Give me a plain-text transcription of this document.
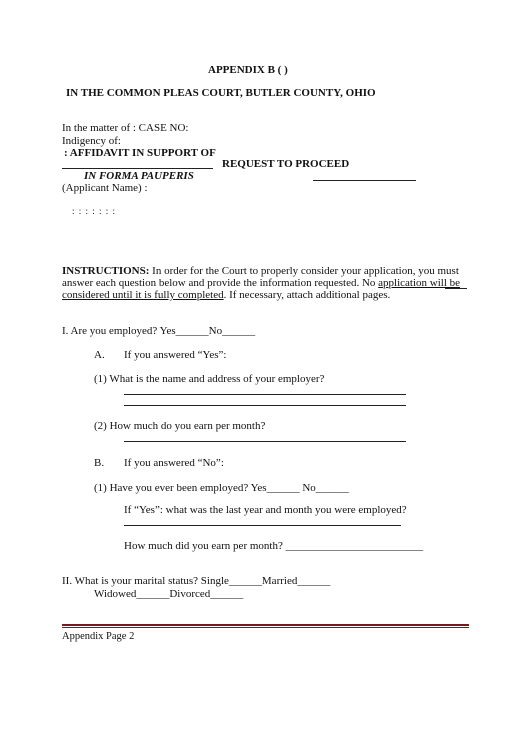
APPENDIX B ( )
IN THE COMMON PLEAS COURT, BUTLER COUNTY, OHIO
In the matter of : CASE NO:
Indigency of:
: AFFIDAVIT IN SUPPORT OF
REQUEST TO PROCEED
IN FORMA PAUPERIS
(Applicant Name) :
: : : : : : :
INSTRUCTIONS: In order for the Court to properly consider your application, you must
answer each question below and provide the information requested. No application will be
considered until it is fully completed. If necessary, attach additional pages.
I. Are you employed? Yes______No______
A. If you answered “Yes”:
(1) What is the name and address of your employer?
(2) How much do you earn per month?
B. If you answered “No”:
(1) Have you ever been employed? Yes______ No______
If “Yes”: what was the last year and month you were employed?
How much did you earn per month? _________________________
II. What is your marital status? Single______Married______
Widowed______Divorced______
Appendix Page 2
